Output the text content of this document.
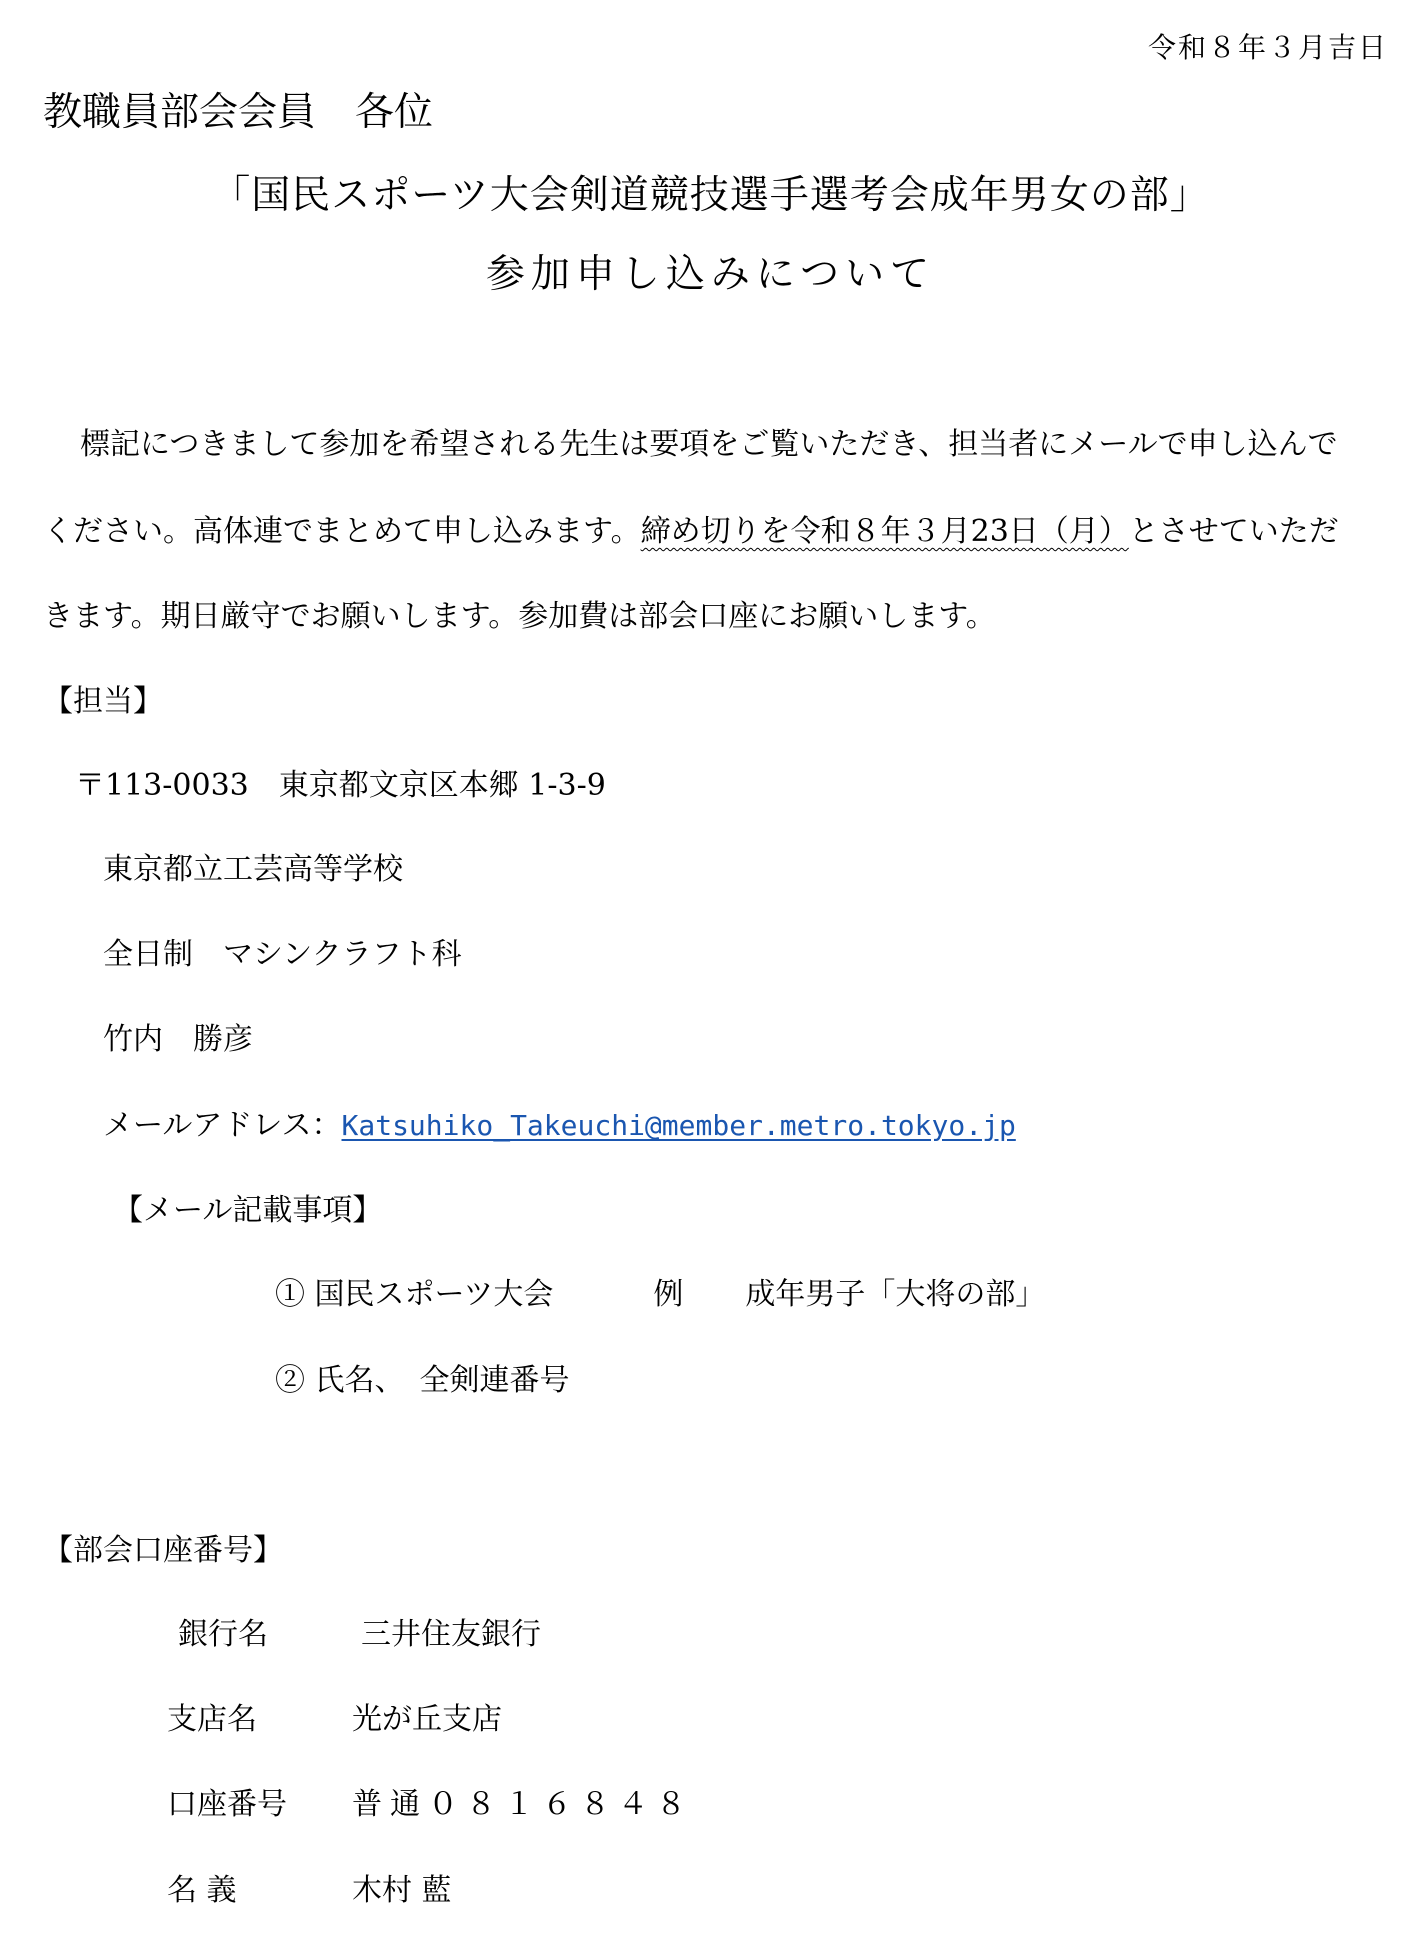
令和８年３月吉日
教職員部会会員　各位
「国民スポーツ大会剣道競技選手選考会成年男女の部」
参加申し込みについて
標記につきまして参加を希望される先生は要項をご覧いただき、担当者にメールで申し込んで
ください。高体連でまとめて申し込みます。締め切りを令和８年３月23日（月）とさせていただ
きます。期日厳守でお願いします。参加費は部会口座にお願いします。
【担当】
〒113-0033　東京都文京区本郷 1-3-9
東京都立工芸高等学校
全日制　マシンクラフト科
竹内　勝彦
メールアドレス：Katsuhiko_Takeuchi@member.metro.tokyo.jp
【メール記載事項】
① 国民スポーツ大会	例 成年男子「大将の部」
② 氏名、　全剣連番号
【部会口座番号】
銀行名	三井住友銀行
支店名	光が丘支店
口座番号 普通０８１６８４８
名 義	木村 藍
